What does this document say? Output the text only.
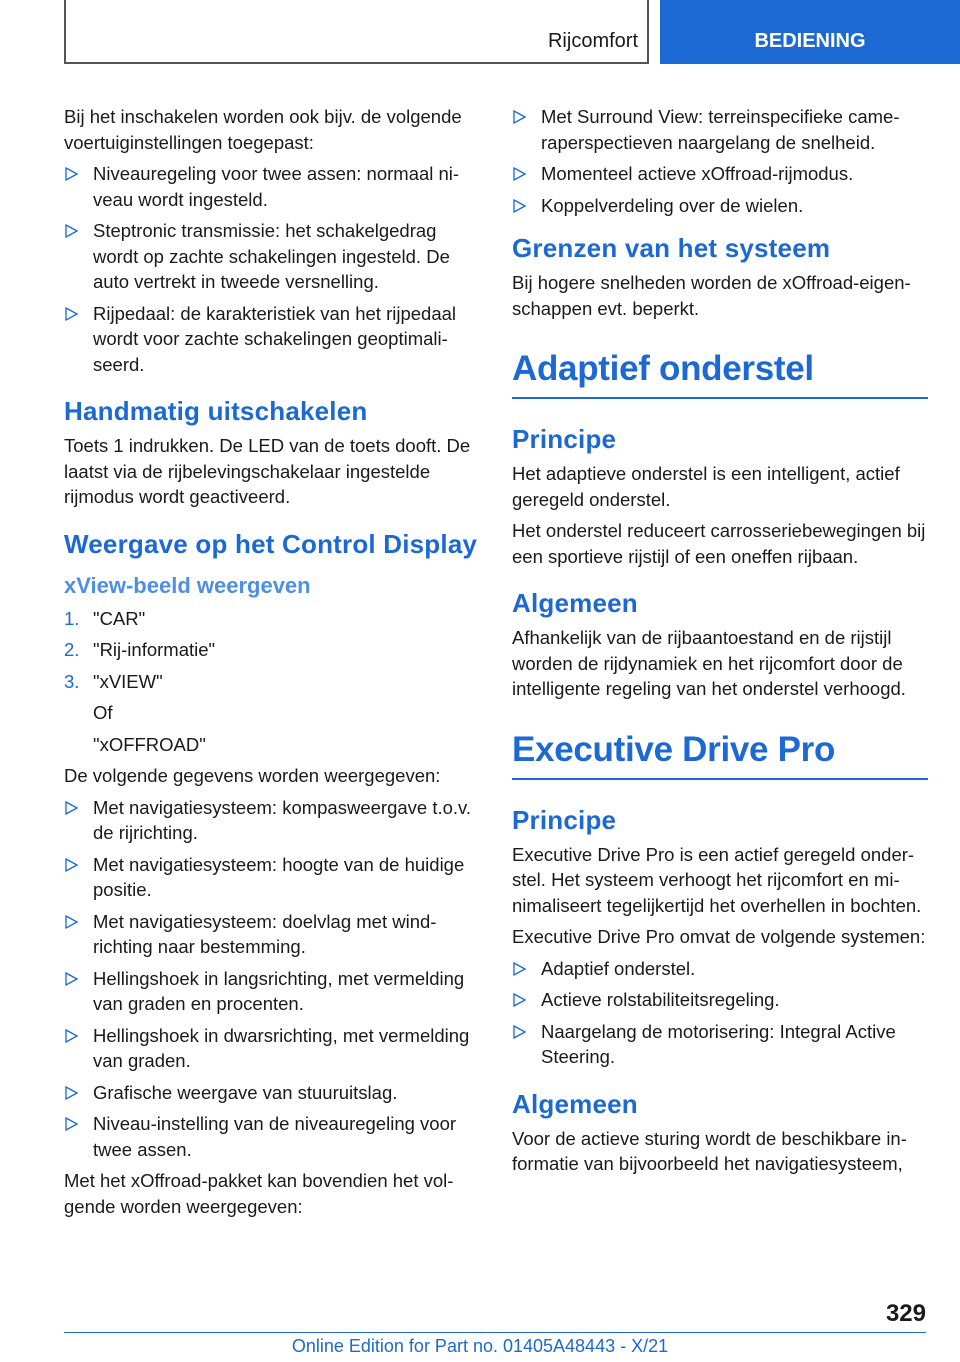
Rijcomfort	BEDIENING

Bij het inschakelen worden ook bijv. de volgende voertuiginstellingen toegepast:

Niveauregeling voor twee assen: normaal niveau wordt ingesteld.
Steptronic transmissie: het schakelgedrag wordt op zachte schakelingen ingesteld. De auto vertrekt in tweede versnelling.
Rijpedaal: de karakteristiek van het rijpedaal wordt voor zachte schakelingen geoptimaliseerd.
Handmatig uitschakelen

Toets 1 indrukken. De LED van de toets dooft. De laatst via de rijbelevingschakelaar ingestelde rijmodus wordt geactiveerd.

Weergave op het Control Display
xView-beeld weergeven
1. "CAR"
2. "Rij-informatie"
3. "xVIEW"
Of
"xOFFROAD"

De volgende gegevens worden weergegeven:

Met navigatiesysteem: kompasweergave t.o.v. de rijrichting.
Met navigatiesysteem: hoogte van de huidige positie.
Met navigatiesysteem: doelvlag met windrichting naar bestemming.
Hellingshoek in langsrichting, met vermelding van graden en procenten.
Hellingshoek in dwarsrichting, met vermelding van graden.
Grafische weergave van stuuruitslag.
Niveau-instelling van de niveauregeling voor twee assen.

Met het xOffroad-pakket kan bovendien het volgende worden weergegeven:

Met Surround View: terreinspecifieke cameraperspectieven naargelang de snelheid.
Momenteel actieve xOffroad-rijmodus.
Koppelverdeling over de wielen.
Grenzen van het systeem

Bij hogere snelheden worden de xOffroad-eigenschappen evt. beperkt.

Adaptief onderstel
Principe

Het adaptieve onderstel is een intelligent, actief geregeld onderstel.

Het onderstel reduceert carrosseriebewegingen bij een sportieve rijstijl of een oneffen rijbaan.

Algemeen

Afhankelijk van de rijbaantoestand en de rijstijl worden de rijdynamiek en het rijcomfort door de intelligente regeling van het onderstel verhoogd.

Executive Drive Pro
Principe

Executive Drive Pro is een actief geregeld onderstel. Het systeem verhoogt het rijcomfort en minimaliseert tegelijkertijd het overhellen in bochten.

Executive Drive Pro omvat de volgende systemen:

Adaptief onderstel.
Actieve rolstabiliteitsregeling.
Naargelang de motorisering: Integral Active Steering.
Algemeen

Voor de actieve sturing wordt de beschikbare informatie van bijvoorbeeld het navigatiesysteem,

329
Online Edition for Part no. 01405A48443 - X/21
